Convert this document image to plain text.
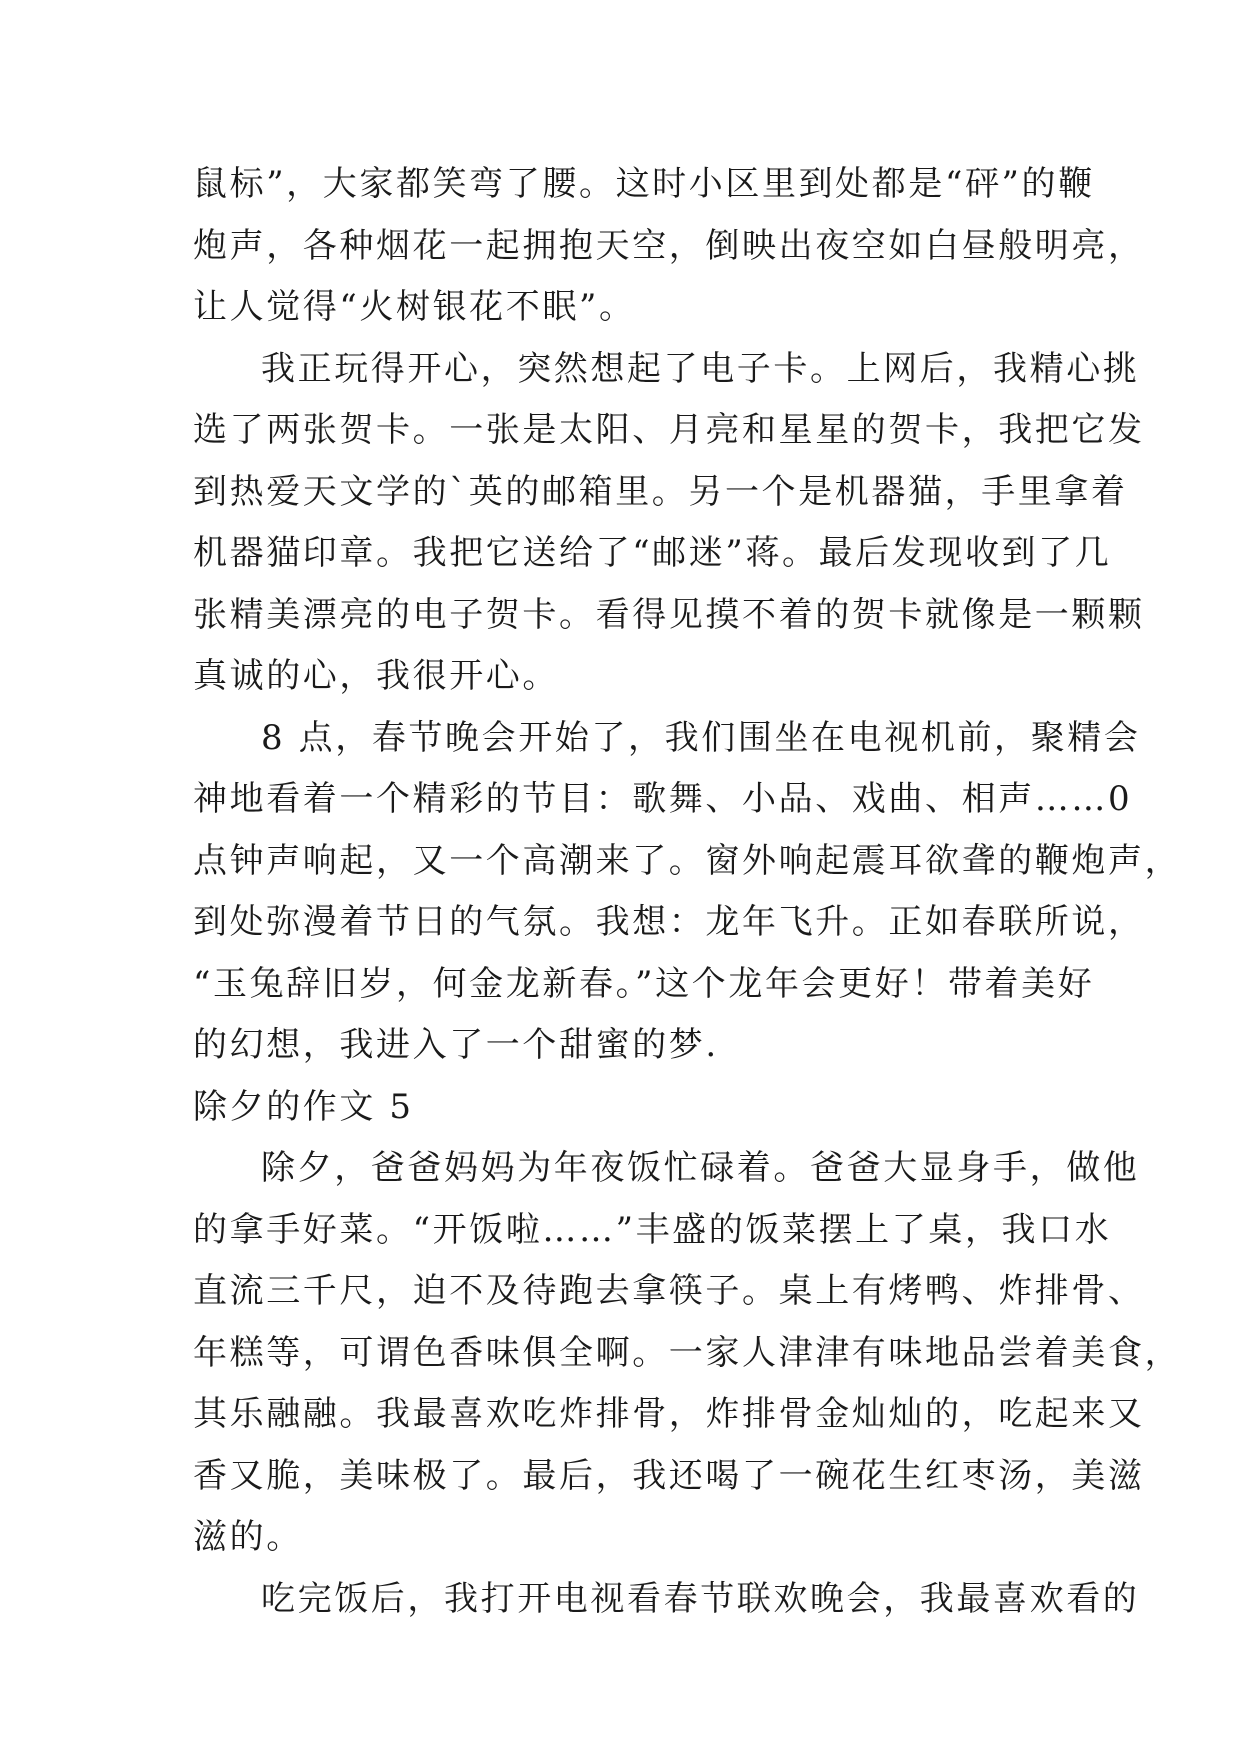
鼠标”，大家都笑弯了腰。这时小区里到处都是“砰”的鞭
炮声，各种烟花一起拥抱天空，倒映出夜空如白昼般明亮，
让人觉得“火树银花不眠”。
我正玩得开心，突然想起了电子卡。上网后，我精心挑
选了两张贺卡。一张是太阳、月亮和星星的贺卡，我把它发
到热爱天文学的`英的邮箱里。另一个是机器猫，手里拿着
机器猫印章。我把它送给了“邮迷”蒋。最后发现收到了几
张精美漂亮的电子贺卡。看得见摸不着的贺卡就像是一颗颗
真诚的心，我很开心。
8 点，春节晚会开始了，我们围坐在电视机前，聚精会
神地看着一个精彩的节目：歌舞、小品、戏曲、相声……0
点钟声响起，又一个高潮来了。窗外响起震耳欲聋的鞭炮声，
到处弥漫着节日的气氛。我想：龙年飞升。正如春联所说，
“玉兔辞旧岁，何金龙新春。”这个龙年会更好！带着美好
的幻想，我进入了一个甜蜜的梦.
除夕的作文 5
除夕，爸爸妈妈为年夜饭忙碌着。爸爸大显身手，做他
的拿手好菜。“开饭啦……”丰盛的饭菜摆上了桌，我口水
直流三千尺，迫不及待跑去拿筷子。桌上有烤鸭、炸排骨、
年糕等，可谓色香味俱全啊。一家人津津有味地品尝着美食，
其乐融融。我最喜欢吃炸排骨，炸排骨金灿灿的，吃起来又
香又脆，美味极了。最后，我还喝了一碗花生红枣汤，美滋
滋的。
吃完饭后，我打开电视看春节联欢晚会，我最喜欢看的
